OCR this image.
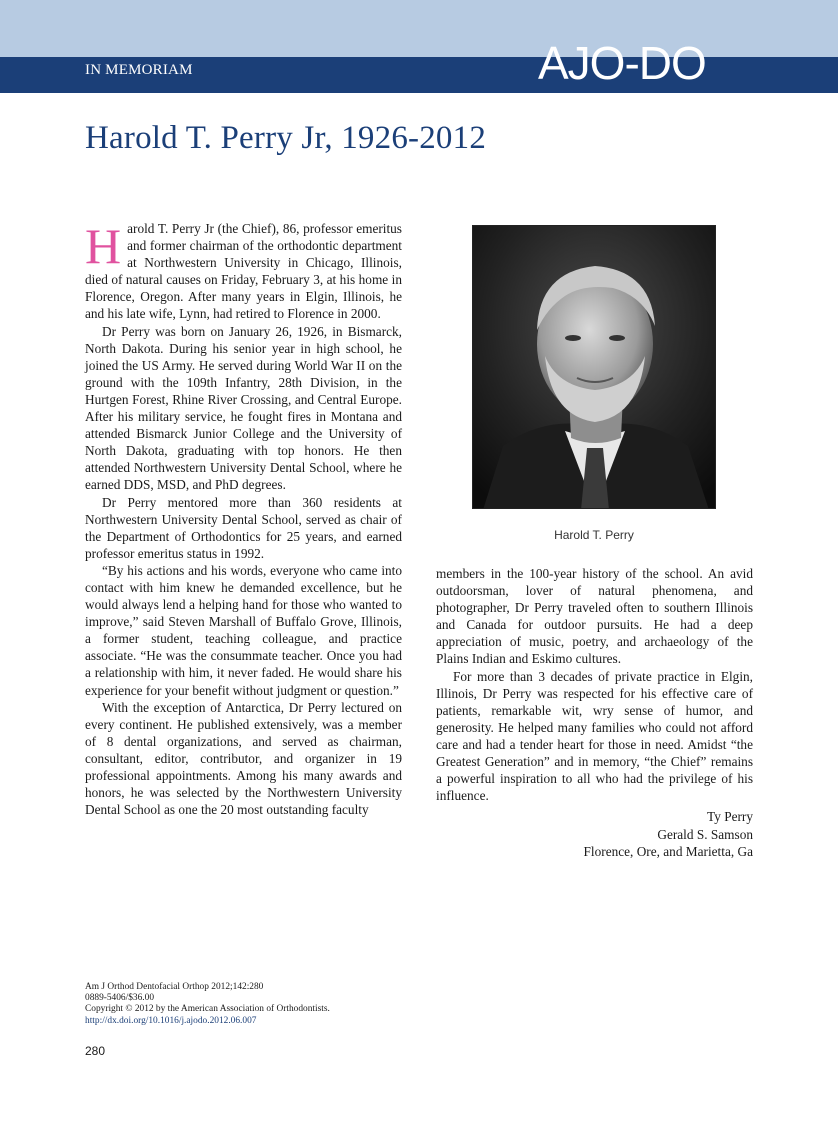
IN MEMORIAM	AJO-DO
Harold T. Perry Jr, 1926-2012

Harold T. Perry Jr (the Chief), 86, professor emeritus and former chairman of the orthodontic department at Northwestern University in Chicago, Illinois, died of natural causes on Friday, February 3, at his home in Florence, Oregon. After many years in Elgin, Illinois, he and his late wife, Lynn, had retired to Florence in 2000.

Dr Perry was born on January 26, 1926, in Bismarck, North Dakota. During his senior year in high school, he joined the US Army. He served during World War II on the ground with the 109th Infantry, 28th Division, in the Hurtgen Forest, Rhine River Crossing, and Central Europe. After his military service, he fought fires in Montana and attended Bismarck Junior College and the University of North Dakota, graduating with top honors. He then attended Northwestern University Dental School, where he earned DDS, MSD, and PhD degrees.

Dr Perry mentored more than 360 residents at Northwestern University Dental School, served as chair of the Department of Orthodontics for 25 years, and earned professor emeritus status in 1992.

“By his actions and his words, everyone who came into contact with him knew he demanded excellence, but he would always lend a helping hand for those who wanted to improve,” said Steven Marshall of Buffalo Grove, Illinois, a former student, teaching colleague, and practice associate. “He was the consummate teacher. Once you had a relationship with him, it never faded. He would share his experience for your benefit without judgment or question.”

With the exception of Antarctica, Dr Perry lectured on every continent. He published extensively, was a member of 8 dental organizations, and served as chairman, consultant, editor, contributor, and organizer in 19 professional appointments. Among his many awards and honors, he was selected by the Northwestern University Dental School as one the 20 most outstanding faculty

Harold T. Perry

members in the 100-year history of the school. An avid outdoorsman, lover of natural phenomena, and photographer, Dr Perry traveled often to southern Illinois and Canada for outdoor pursuits. He had a deep appreciation of music, poetry, and archaeology of the Plains Indian and Eskimo cultures.

For more than 3 decades of private practice in Elgin, Illinois, Dr Perry was respected for his effective care of patients, remarkable wit, wry sense of humor, and generosity. He helped many families who could not afford care and had a tender heart for those in need. Amidst “the Greatest Generation” and in memory, “the Chief” remains a powerful inspiration to all who had the privilege of his influence.

Ty Perry
Gerald S. Samson
Florence, Ore, and Marietta, Ga
Am J Orthod Dentofacial Orthop 2012;142:280
0889-5406/$36.00
Copyright © 2012 by the American Association of Orthodontists.
http://dx.doi.org/10.1016/j.ajodo.2012.06.007
280
